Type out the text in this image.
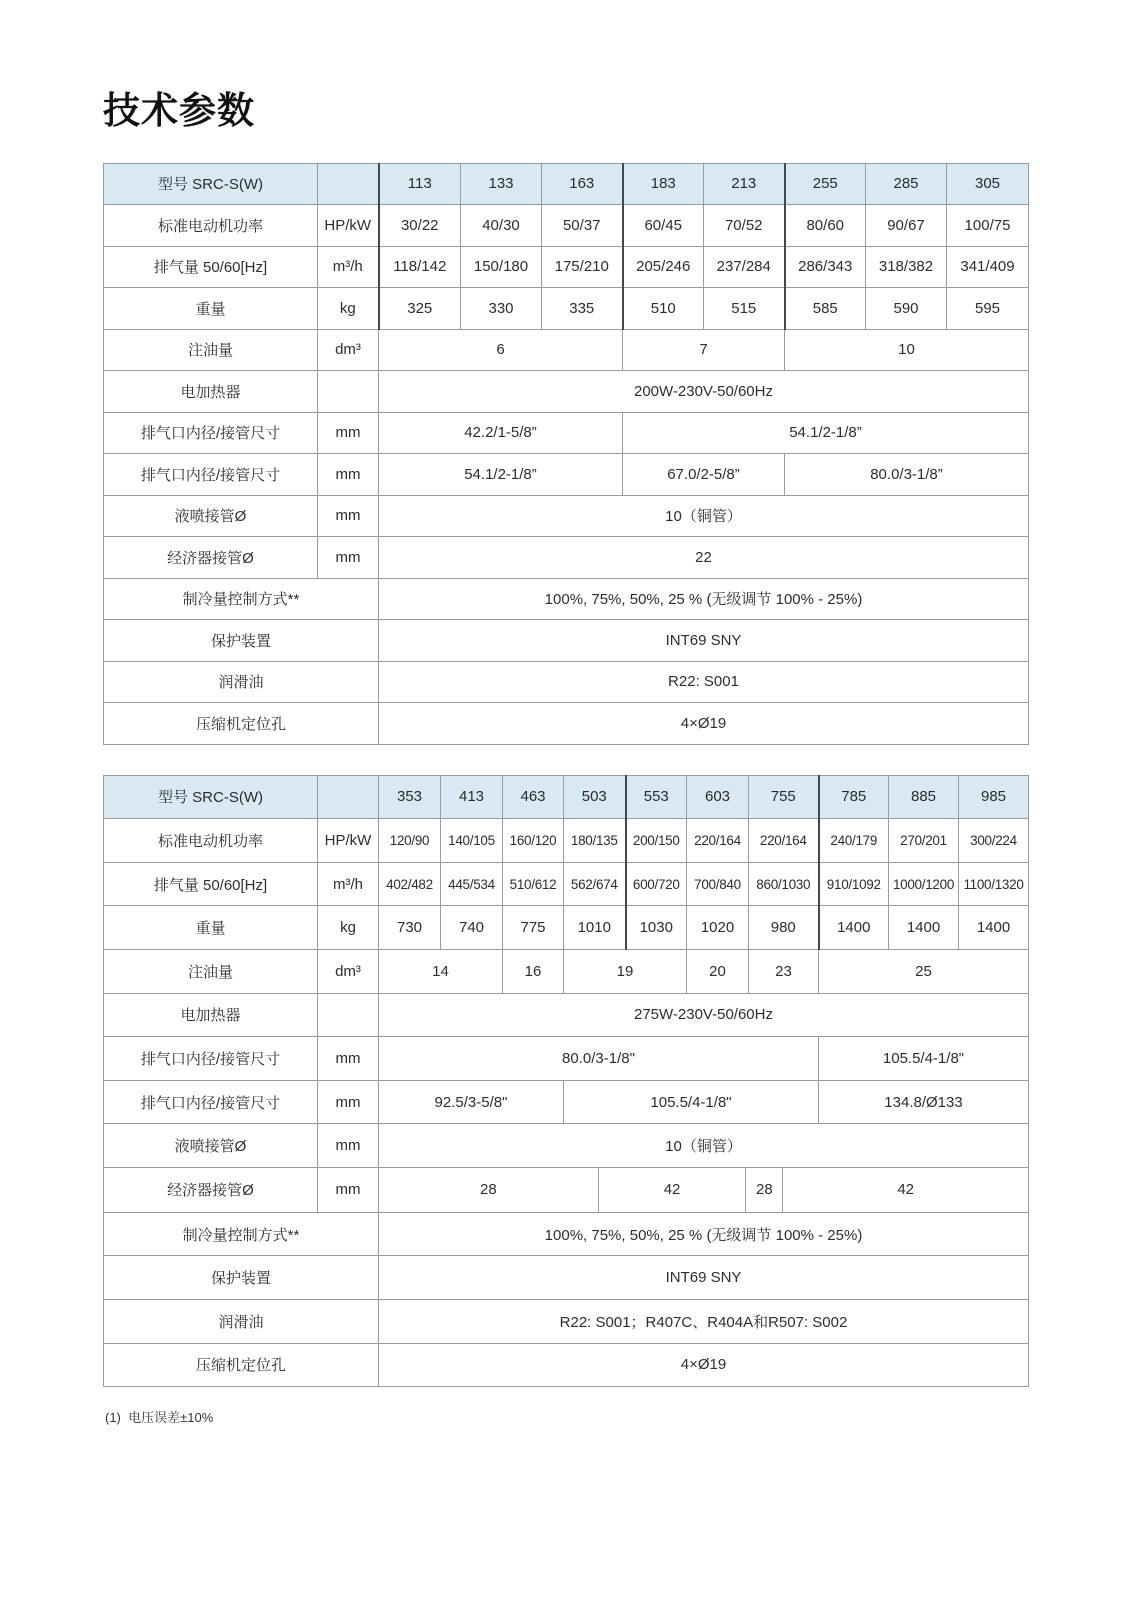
技术参数
型号 SRC-S(W)		113	133	163	183	213	255	285	305
标准电动机功率	HP/kW	30/22	40/30	50/37	60/45	70/52	80/60	90/67	100/75
排气量 50/60[Hz]	m³/h	118/142	150/180	175/210	205/246	237/284	286/343	318/382	341/409
重量	kg	325	330	335	510	515	585	590	595
注油量	dm³	6			7		10		
电加热器		200W-230V-50/60Hz							
排气口内径/接管尺寸	mm	42.2/1-5/8”			54.1/2-1/8”				
排气口内径/接管尺寸	mm	54.1/2-1/8”			67.0/2-5/8”		80.0/3-1/8”		
液喷接管Ø	mm	10（铜管）							
经济器接管Ø	mm	22							
制冷量控制方式**		100%, 75%, 50%, 25 % (无级调节 100% - 25%)							
保护装置		INT69 SNY							
润滑油		R22: S001							
压缩机定位孔		4×Ø19							
型号 SRC-S(W)		353	413	463	503	553	603	755	785	885	985
标准电动机功率	HP/kW	120/90	140/105	160/120	180/135	200/150	220/164	220/164	240/179	270/201	300/224
排气量 50/60[Hz]	m³/h	402/482	445/534	510/612	562/674	600/720	700/840	860/1030	910/1092	1000/1200	1100/1320
重量	kg	730	740	775	1010	1030	1020	980	1400	1400	1400
注油量	dm³	14		16	19		20	23	25		
电加热器		275W-230V-50/60Hz									
排气口内径/接管尺寸	mm	80.0/3-1/8"							105.5/4-1/8"		
排气口内径/接管尺寸	mm	92.5/3-5/8"			105.5/4-1/8"				134.8/Ø133		
液喷接管Ø	mm	10（铜管）									
经济器接管Ø	mm	28 42 28 42									

制冷量控制方式**		100%, 75%, 50%, 25 % (无级调节 100% - 25%)									
保护装置		INT69 SNY									
润滑油		R22: S001；R407C、R404A和R507: S002									
压缩机定位孔		4×Ø19									
(1)  电压误差±10%
